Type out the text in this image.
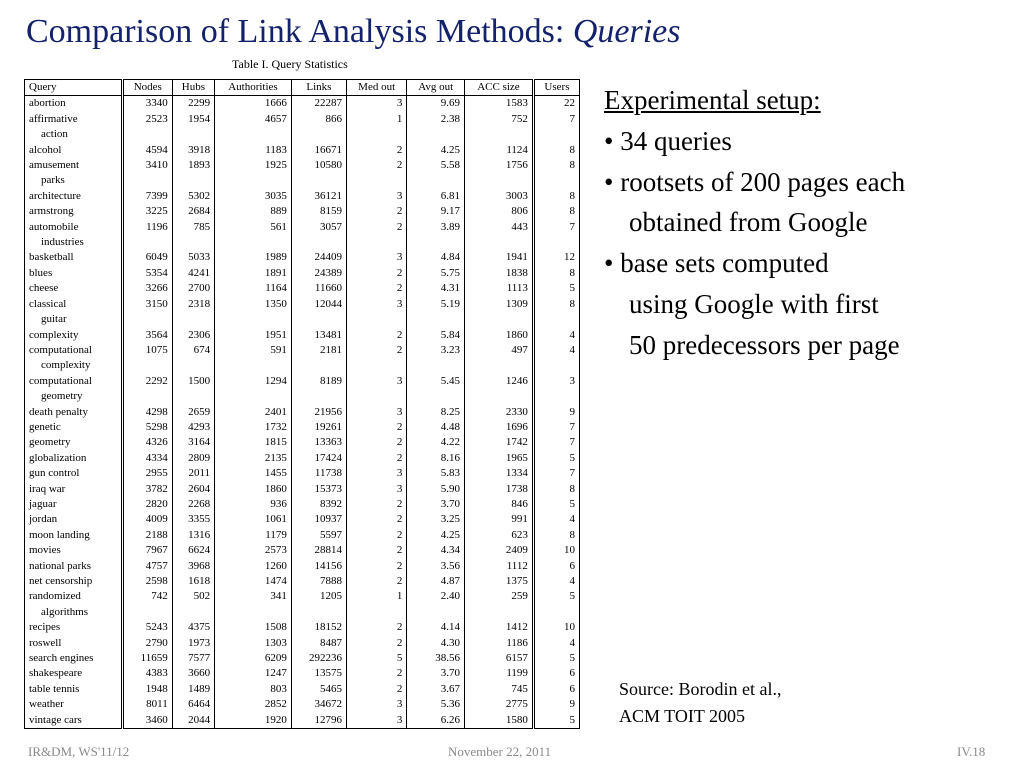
Comparison of Link Analysis Methods: Queries
Table I. Query Statistics
Query	Nodes	Hubs	Authorities	Links	Med out	Avg out	ACC size	Users

abortion	3340	2299	1666	22287	3	9.69	1583	22

affirmative
action	2523	1954	4657	866	1	2.38	752	7

alcohol	4594	3918	1183	16671	2	4.25	1124	8

amusement
parks	3410	1893	1925	10580	2	5.58	1756	8

architecture	7399	5302	3035	36121	3	6.81	3003	8

armstrong	3225	2684	889	8159	2	9.17	806	8

automobile
industries	1196	785	561	3057	2	3.89	443	7

basketball	6049	5033	1989	24409	3	4.84	1941	12

blues	5354	4241	1891	24389	2	5.75	1838	8

cheese	3266	2700	1164	11660	2	4.31	1113	5

classical
guitar	3150	2318	1350	12044	3	5.19	1309	8

complexity	3564	2306	1951	13481	2	5.84	1860	4

computational
complexity	1075	674	591	2181	2	3.23	497	4

computational
geometry	2292	1500	1294	8189	3	5.45	1246	3

death penalty	4298	2659	2401	21956	3	8.25	2330	9

genetic	5298	4293	1732	19261	2	4.48	1696	7

geometry	4326	3164	1815	13363	2	4.22	1742	7

globalization	4334	2809	2135	17424	2	8.16	1965	5

gun control	2955	2011	1455	11738	3	5.83	1334	7

iraq war	3782	2604	1860	15373	3	5.90	1738	8

jaguar	2820	2268	936	8392	2	3.70	846	5

jordan	4009	3355	1061	10937	2	3.25	991	4

moon landing	2188	1316	1179	5597	2	4.25	623	8

movies	7967	6624	2573	28814	2	4.34	2409	10

national parks	4757	3968	1260	14156	2	3.56	1112	6

net censorship	2598	1618	1474	7888	2	4.87	1375	4

randomized
algorithms	742	502	341	1205	1	2.40	259	5

recipes	5243	4375	1508	18152	2	4.14	1412	10

roswell	2790	1973	1303	8487	2	4.30	1186	4

search engines	11659	7577	6209	292236	5	38.56	6157	5

shakespeare	4383	3660	1247	13575	2	3.70	1199	6

table tennis	1948	1489	803	5465	2	3.67	745	6

weather	8011	6464	2852	34672	3	5.36	2775	9

vintage cars	3460	2044	1920	12796	3	6.26	1580	5
Experimental setup:
• 34 queries
• rootsets of 200 pages each
obtained from Google
• base sets computed
using Google with first
50 predecessors per page
Source: Borodin et al.,
ACM TOIT 2005
IR&DM, WS'11/12	November 22, 2011	IV.18
